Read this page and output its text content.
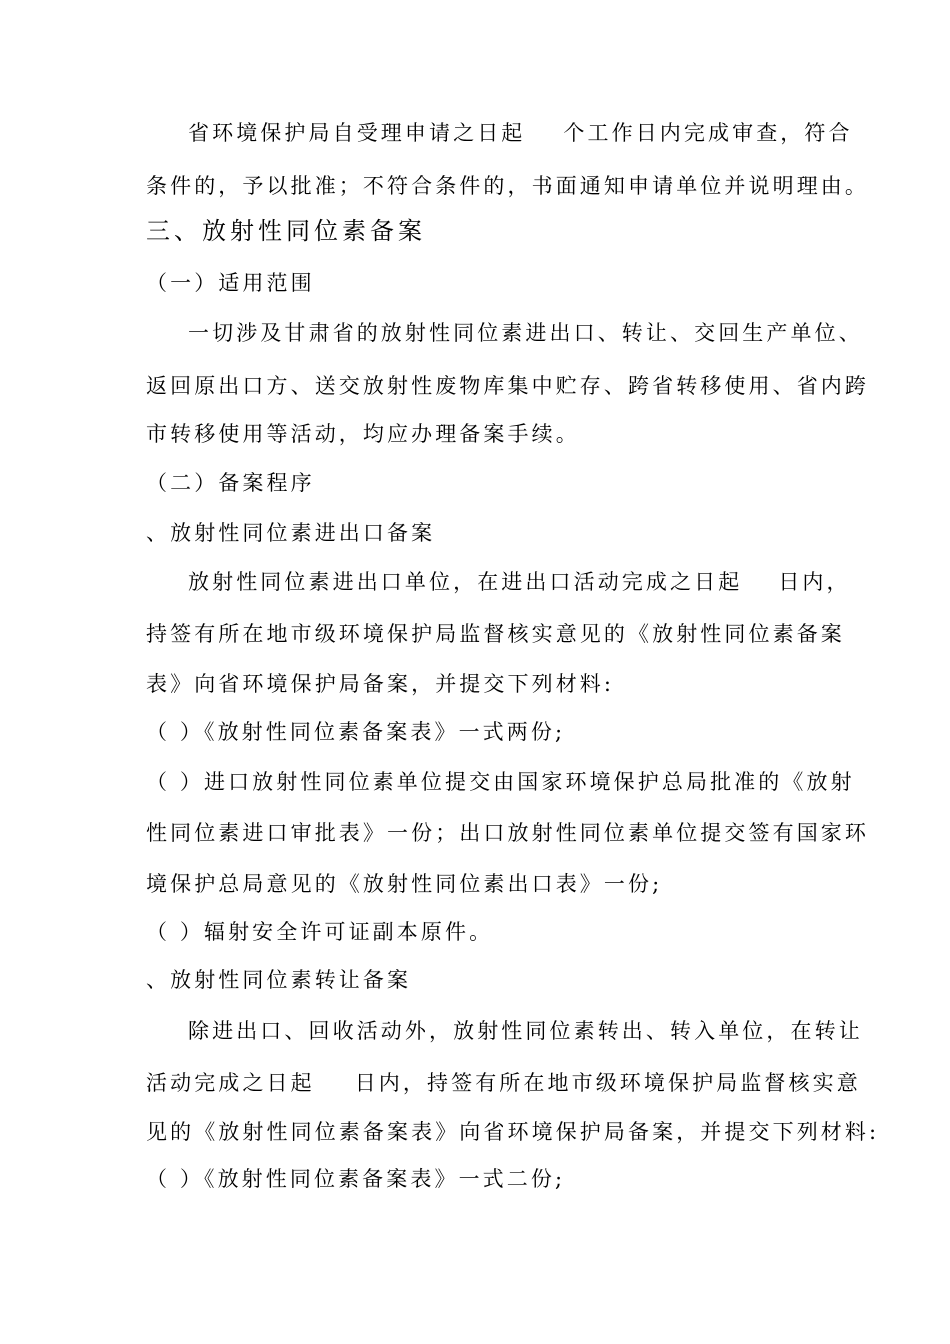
省环境保护局自受理申请之日起 个工作日内完成审查，符合
条件的，予以批准；不符合条件的，书面通知申请单位并说明理由。
三、放射性同位素备案
（一）适用范围
一切涉及甘肃省的放射性同位素进出口、转让、交回生产单位、
返回原出口方、送交放射性废物库集中贮存、跨省转移使用、省内跨
市转移使用等活动，均应办理备案手续。
（二）备案程序
、放射性同位素进出口备案
放射性同位素进出口单位，在进出口活动完成之日起 日内，
持签有所在地市级环境保护局监督核实意见的《放射性同位素备案
表》向省环境保护局备案，并提交下列材料:
（ ）《放射性同位素备案表》一式两份;
（ ）进口放射性同位素单位提交由国家环境保护总局批准的《放射
性同位素进口审批表》一份；出口放射性同位素单位提交签有国家环
境保护总局意见的《放射性同位素出口表》一份;
（ ）辐射安全许可证副本原件。
、放射性同位素转让备案
除进出口、回收活动外，放射性同位素转出、转入单位，在转让
活动完成之日起 日内，持签有所在地市级环境保护局监督核实意
见的《放射性同位素备案表》向省环境保护局备案，并提交下列材料:
（ ）《放射性同位素备案表》一式二份;
